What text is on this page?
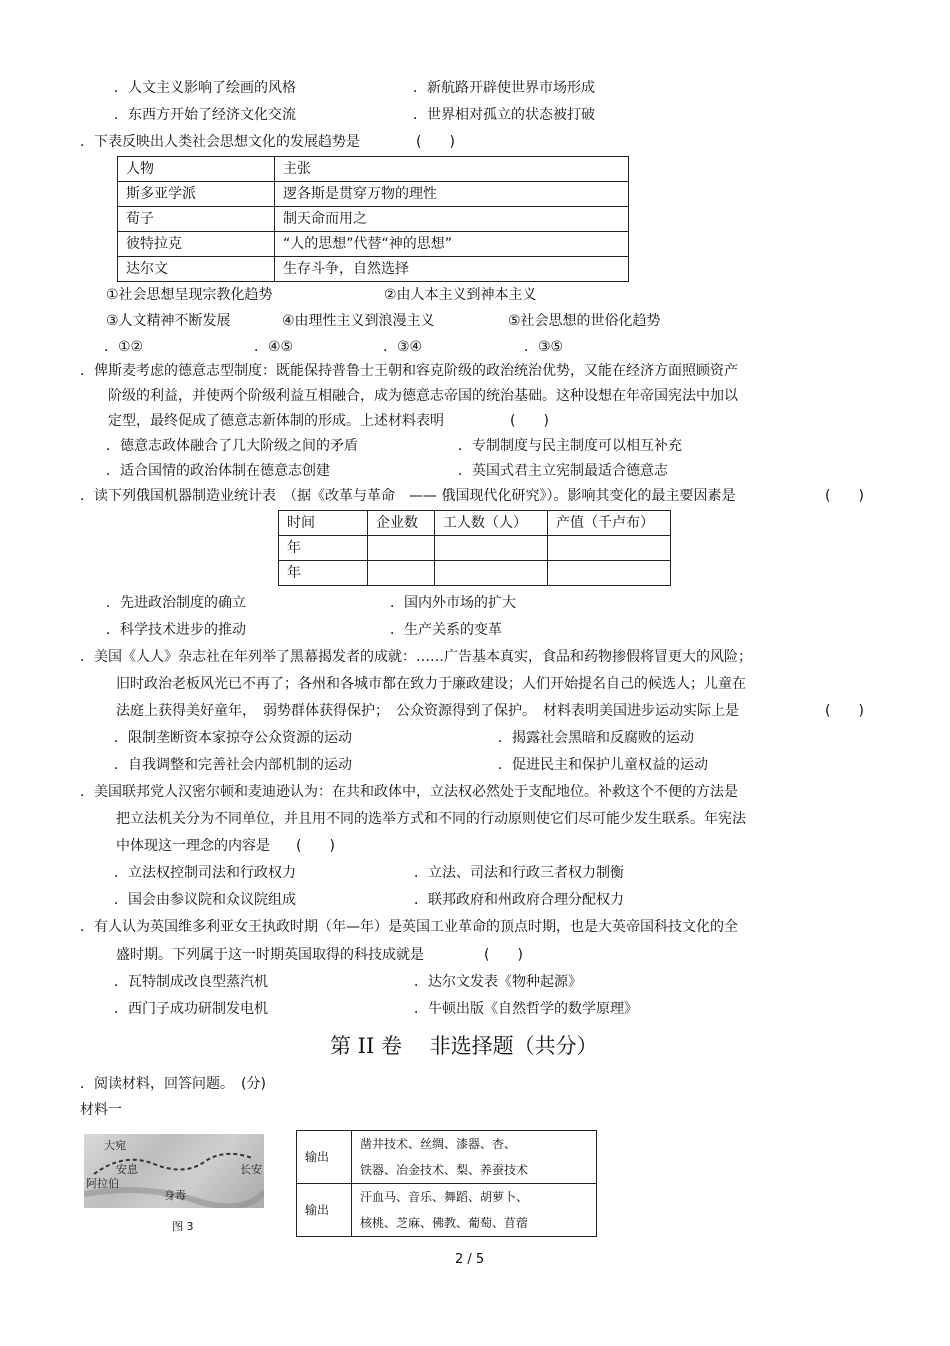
．人文主义影响了绘画的风格	．新航路开辟使世界市场形成
．东西方开始了经济文化交流	．世界相对孤立的状态被打破
．下表反映出人类社会思想文化的发展趋势是	(　　)
人物	主张
斯多亚学派	逻各斯是贯穿万物的理性
荀子	制天命而用之
彼特拉克	“人的思想”代替“神的思想”
达尔文	生存斗争，自然选择
①社会思想呈现宗教化趋势	②由人本主义到神本主义
③人文精神不断发展	④由理性主义到浪漫主义	⑤社会思想的世俗化趋势
．①②	．④⑤	．③④	．③⑤
．俾斯麦考虑的德意志型制度：既能保持普鲁士王朝和容克阶级的政治统治优势，又能在经济方面照顾资产
阶级的利益，并使两个阶级利益互相融合，成为德意志帝国的统治基础。这种设想在年帝国宪法中加以
定型，最终促成了德意志新体制的形成。上述材料表明	(　　)
．德意志政体融合了几大阶级之间的矛盾	．专制制度与民主制度可以相互补充
．适合国情的政治体制在德意志创建	．英国式君主立宪制最适合德意志
．读下列俄国机器制造业统计表　（据《改革与革命　—— 俄国现代化研究》）。影响其变化的最主要因素是	(　　)
时间	企业数	工人数（人）	产值（千卢布）
年			
年			
．先进政治制度的确立	．国内外市场的扩大
．科学技术进步的推动	．生产关系的变革
．美国《人人》杂志社在年列举了黑幕揭发者的成就：……广告基本真实，食品和药物掺假将冒更大的风险；
旧时政治老板风光已不再了；各州和各城市都在致力于廉政建设；人们开始提名自己的候选人；儿童在
法庭上获得美好童年，　弱势群体获得保护；　公众资源得到了保护。　材料表明美国进步运动实际上是	(　　)
．限制垄断资本家掠夺公众资源的运动	．揭露社会黑暗和反腐败的运动
．自我调整和完善社会内部机制的运动	．促进民主和保护儿童权益的运动
．美国联邦党人汉密尔顿和麦迪逊认为：在共和政体中，立法权必然处于支配地位。补救这个不便的方法是
把立法机关分为不同单位，并且用不同的选举方式和不同的行动原则使它们尽可能少发生联系。年宪法
中体现这一理念的内容是 (　　)
．立法权控制司法和行政权力	．立法、司法和行政三者权力制衡
．国会由参议院和众议院组成	．联邦政府和州政府合理分配权力
．有人认为英国维多利亚女王执政时期（年—年）是英国工业革命的顶点时期，也是大英帝国科技文化的全
盛时期。下列属于这一时期英国取得的科技成就是	(　　)
．瓦特制成改良型蒸汽机	．达尔文发表《物种起源》
．西门子成功研制发电机	．牛顿出版《自然哲学的数学原理》
第 II 卷　 非选择题（共分）
．阅读材料，回答问题。　(分)
材料一
大宛
安息
阿拉伯
身毒
长安
图 3
输出	凿井技术、丝绸、漆器、杏、
铁器、冶金技术、梨、养蚕技术

输出	汗血马、音乐、舞蹈、胡萝卜、
核桃、芝麻、佛教、葡萄、苜蓿
2 / 5
